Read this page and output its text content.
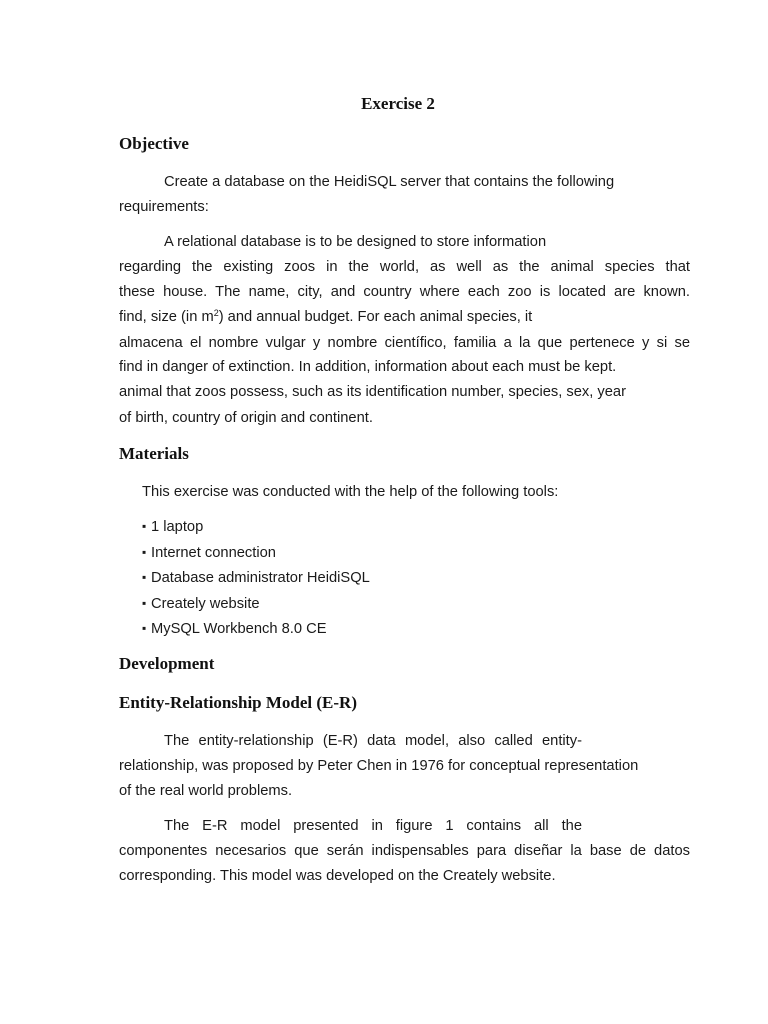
Exercise 2
Objective
Create a database on the HeidiSQL server that contains the following
requirements:
A relational database is to be designed to store information
regarding the existing zoos in the world, as well as the animal species that
these house. The name, city, and country where each zoo is located are known.
find, size (in $m^2$) and annual budget. For each animal species, it
almacena el nombre vulgar y nombre científico, familia a la que pertenece y si se
find in danger of extinction. In addition, information about each must be kept.
animal that zoos possess, such as its identification number, species, sex, year
of birth, country of origin and continent.
Materials
This exercise was conducted with the help of the following tools:
▪ 1 laptop
▪ Internet connection
▪ Database administrator HeidiSQL
▪ Creately website
▪ MySQL Workbench 8.0 CE
Development
Entity-Relationship Model (E-R)
The entity-relationship (E-R) data model, also called entity-
relationship, was proposed by Peter Chen in 1976 for conceptual representation
of the real world problems.
The E-R model presented in figure 1 contains all the
componentes necesarios que serán indispensables para diseñar la base de datos
corresponding. This model was developed on the Creately website.
